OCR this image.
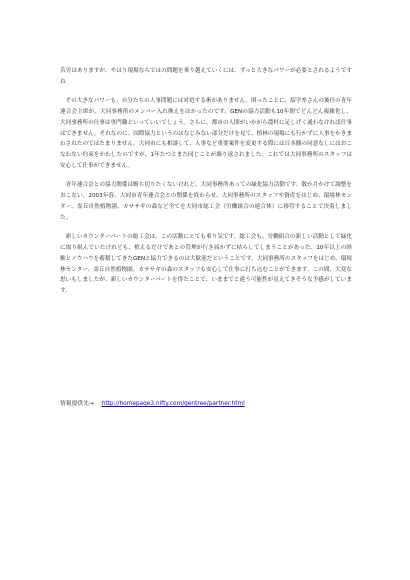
苦労はありますが、やはり現場ならではの問題を乗り越えていくには、ずっと大きなパワーが必要とされるようですね

その大きなパワーも、自分たちの人事問題には対処する術がありません。困ったことに、紹学糸さんの後任の青年連合会主席が、大同事務所のメンバー入れ換えをはかったのです。GENの協力活動も10年間でどんどん複雑化し、大同事務所の仕事は専門職といっていいでしょう。さらに、都市の人間がいかがら農村に足しげく通わなければ仕事はできません。それなのに、国際協力というのはなじみない部分だけを見て、植林の現場にも行かずに人事をかきまわされたのではたまりません。大同市にも相談して、人事など重要案件を変更する際には日本側の同意なしにはおこなわない約束をかわしたのですが、1年たつとまた同じことが繰り返されました。これでは大同事務所のスタッフは安心して仕事ができません。

青年連合会との協力関係は断ち切りたくないけれど、大同事務所あっての緑化協力活動です。数か月かけて調整をおこない、2003年春、大同市青年連合会との関係を終わらせ、大同事務所のスタッフや資産をはじめ、環境林センター、霊丘自然植物園、カササギの森など全てを大同市総工会（労働組合の連合体）に移管することで決着しました。

新しいカウンターパートの総工会は、この活動にとても乗り気です。総工会も、労働組合の新しい活動として緑化に取り組んでいたけれども、植えるだけであとの管理が行き届かずに枯らしてしまうことがあった、10年以上の経験とノウハウを蓄積してきたGENと協力できるのは大歓迎だということです。大同事務所のスタッフをはじめ、環境林センター、霊丘自然植物園、カササギの森のスタッフも安心して仕事に打ち込むことができます。この間、大変な思いもしましたが、新しいカウンターパートを得たことで、いままでと違う可能性が見えてきそうな予感がしています。

情報提供先→ http://homepage3.nifty.com/gentree/partner.html
